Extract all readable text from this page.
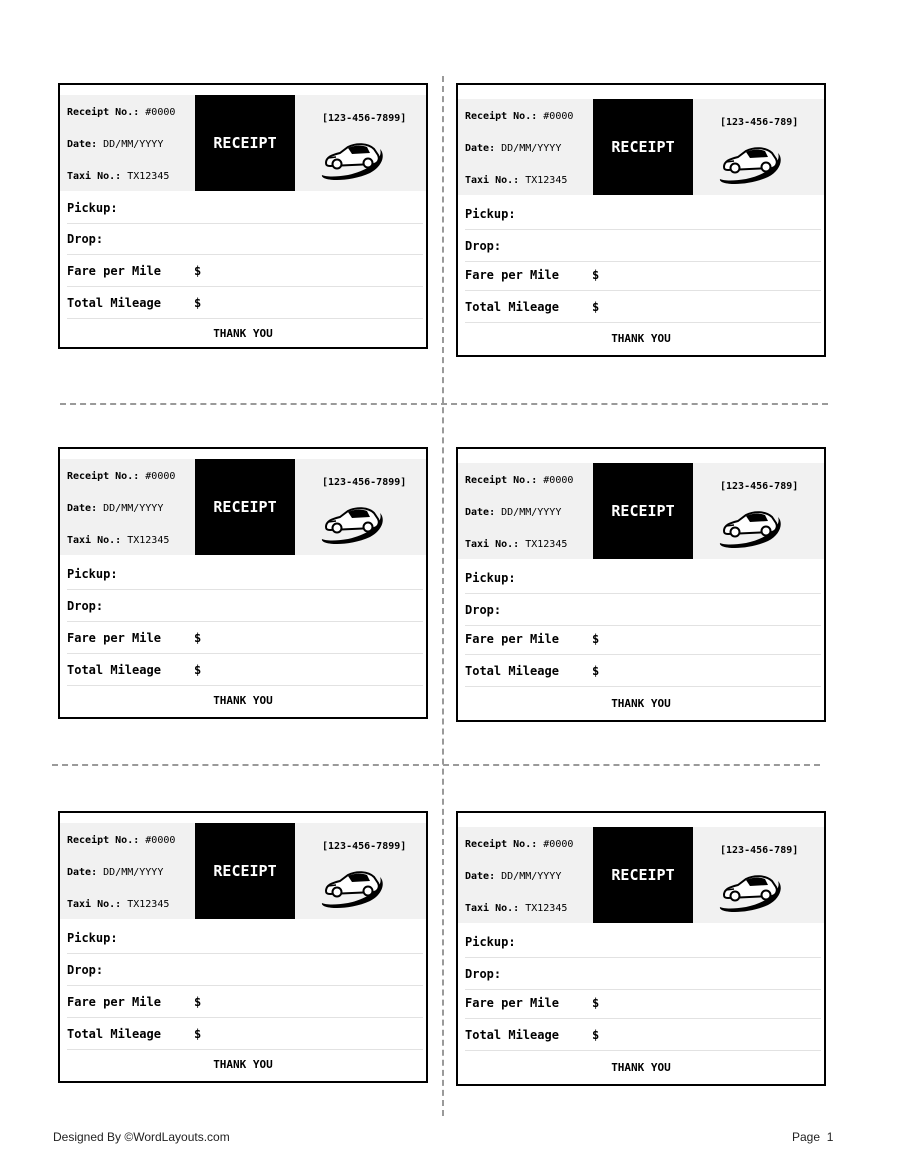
Receipt No.: #0000
Date: DD/MM/YYYY
Taxi No.: TX12345
RECEIPT
[123-456-7899]
Pickup:
Drop:
Fare per Mile	$
Total Mileage	$
THANK YOU
Receipt No.: #0000
Date: DD/MM/YYYY
Taxi No.: TX12345
RECEIPT
[123-456-789]
Pickup:
Drop:
Fare per Mile	$
Total Mileage	$
THANK YOU
Receipt No.: #0000
Date: DD/MM/YYYY
Taxi No.: TX12345
RECEIPT
[123-456-7899]
Pickup:
Drop:
Fare per Mile	$
Total Mileage	$
THANK YOU
Receipt No.: #0000
Date: DD/MM/YYYY
Taxi No.: TX12345
RECEIPT
[123-456-789]
Pickup:
Drop:
Fare per Mile	$
Total Mileage	$
THANK YOU
Receipt No.: #0000
Date: DD/MM/YYYY
Taxi No.: TX12345
RECEIPT
[123-456-7899]
Pickup:
Drop:
Fare per Mile	$
Total Mileage	$
THANK YOU
Receipt No.: #0000
Date: DD/MM/YYYY
Taxi No.: TX12345
RECEIPT
[123-456-789]
Pickup:
Drop:
Fare per Mile	$
Total Mileage	$
THANK YOU
Designed By ©WordLayouts.com	Page  1
